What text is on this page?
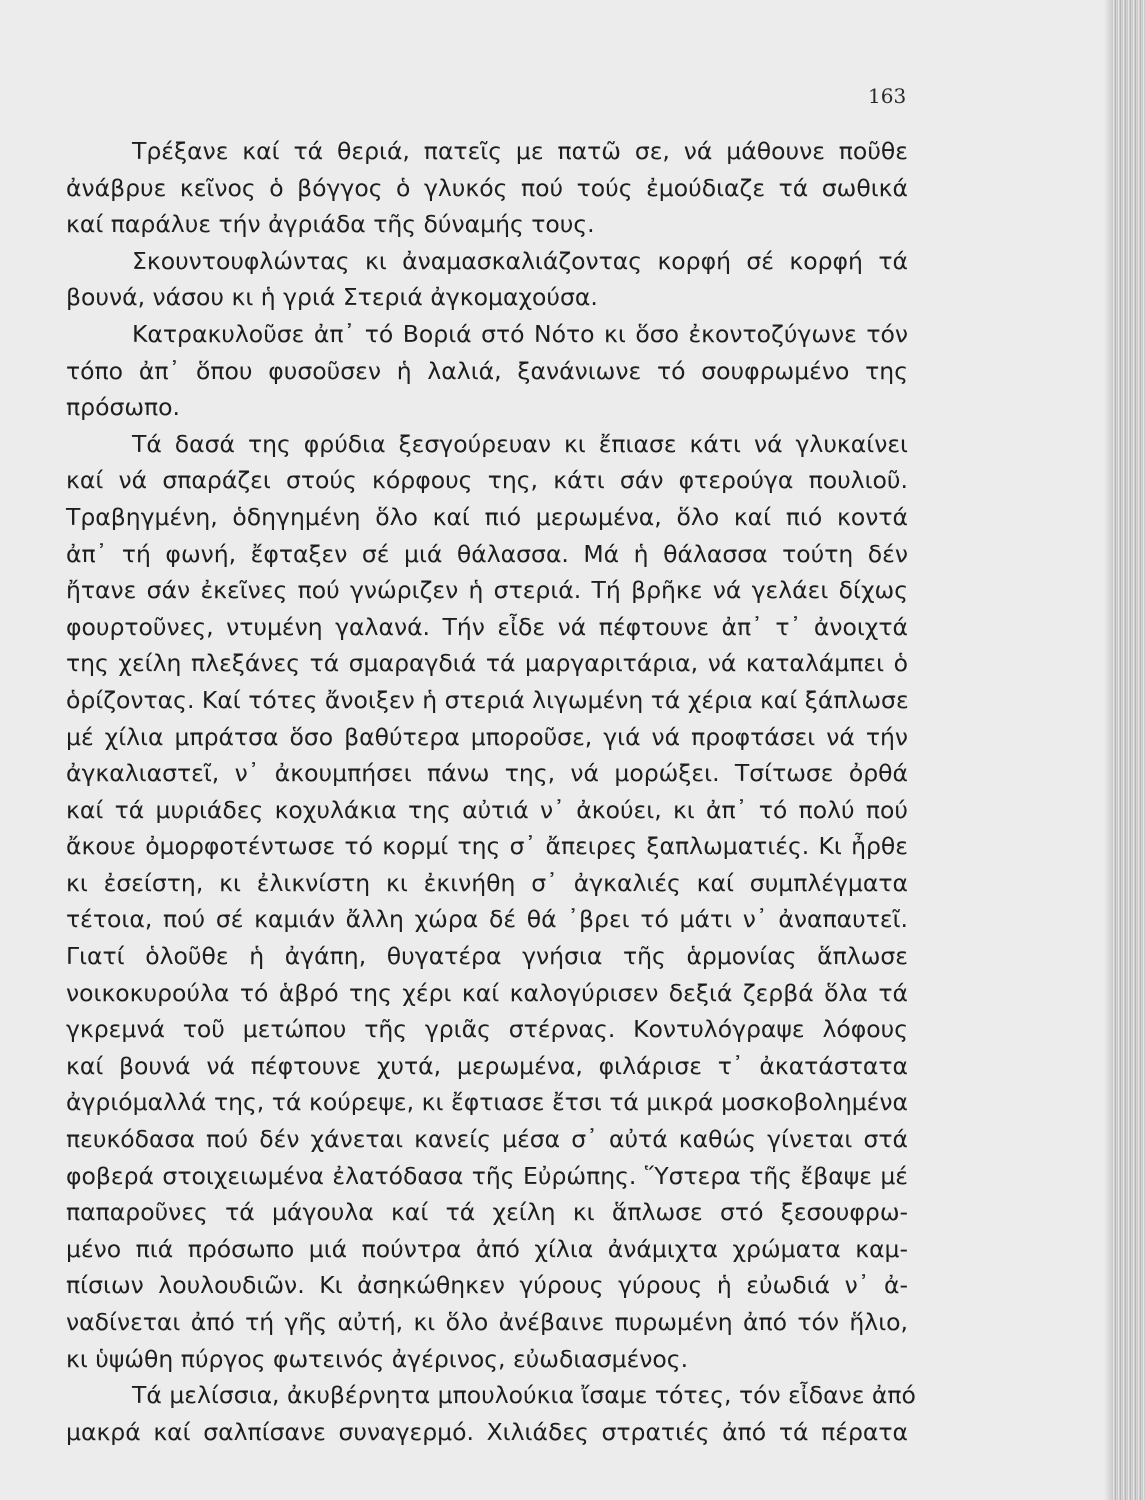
163

Τρέξανε καί τά θεριά, πατεῖς με πατῶ σε, νά μάθουνε ποῦθε

ἀνάβρυε κεῖνος ὁ βόγγος ὁ γλυκός πού τούς ἐμούδιαζε τά σωθικά

καί παράλυε τήν ἀγριάδα τῆς δύναμής τους.

Σκουντουφλώντας κι ἀναμασκαλιάζοντας κορφή σέ κορφή τά

βουνά, νάσου κι ἡ γριά Στεριά ἀγκομαχούσα.

Κατρακυλοῦσε ἀπ᾽ τό Βοριά στό Νότο κι ὅσο ἐκοντοζύγωνε τόν

τόπο ἀπ᾽ ὅπου φυσοῦσεν ἡ λαλιά, ξανάνιωνε τό σουφρωμένο της

πρόσωπο.

Τά δασά της φρύδια ξεσγούρευαν κι ἔπιασε κάτι νά γλυκαίνει

καί νά σπαράζει στούς κόρφους της, κάτι σάν φτερούγα πουλιοῦ.

Τραβηγμένη, ὁδηγημένη ὅλο καί πιό μερωμένα, ὅλο καί πιό κοντά

ἀπ᾽ τή φωνή, ἔφταξεν σέ μιά θάλασσα. Μά ἡ θάλασσα τούτη δέν

ἤτανε σάν ἐκεῖνες πού γνώριζεν ἡ στεριά. Τή βρῆκε νά γελάει δίχως

φουρτοῦνες, ντυμένη γαλανά. Τήν εἶδε νά πέφτουνε ἀπ᾽ τ᾽ ἀνοιχτά

της χείλη πλεξάνες τά σμαραγδιά τά μαργαριτάρια, νά καταλάμπει ὁ

ὁρίζοντας. Καί τότες ἄνοιξεν ἡ στεριά λιγωμένη τά χέρια καί ξάπλωσε

μέ χίλια μπράτσα ὅσο βαθύτερα μποροῦσε, γιά νά προφτάσει νά τήν

ἀγκαλιαστεῖ, ν᾽ ἀκουμπήσει πάνω της, νά μορώξει. Τσίτωσε ὀρθά

καί τά μυριάδες κοχυλάκια της αὐτιά ν᾽ ἀκούει, κι ἀπ᾽ τό πολύ πού

ἄκουε ὀμορφοτέντωσε τό κορμί της σ᾽ ἄπειρες ξαπλωματιές. Κι ἦρθε

κι ἐσείστη, κι ἐλικνίστη κι ἐκινήθη σ᾽ ἀγκαλιές καί συμπλέγματα

τέτοια, πού σέ καμιάν ἄλλη χώρα δέ θά ᾽βρει τό μάτι ν᾽ ἀναπαυτεῖ.

Γιατί ὁλοῦθε ἡ ἀγάπη, θυγατέρα γνήσια τῆς ἁρμονίας ἅπλωσε

νοικοκυρούλα τό ἁβρό της χέρι καί καλογύρισεν δεξιά ζερβά ὅλα τά

γκρεμνά τοῦ μετώπου τῆς γριᾶς στέρνας. Κοντυλόγραψε λόφους

καί βουνά νά πέφτουνε χυτά, μερωμένα, φιλάρισε τ᾽ ἀκατάστατα

ἀγριόμαλλά της, τά κούρεψε, κι ἔφτιασε ἔτσι τά μικρά μοσκοβολημένα

πευκόδασα πού δέν χάνεται κανείς μέσα σ᾽ αὐτά καθώς γίνεται στά

φοβερά στοιχειωμένα ἐλατόδασα τῆς Εὐρώπης. Ὕστερα τῆς ἔβαψε μέ

παπαροῦνες τά μάγουλα καί τά χείλη κι ἅπλωσε στό ξεσουφρω-

μένο πιά πρόσωπο μιά πούντρα ἀπό χίλια ἀνάμιχτα χρώματα καμ-

πίσιων λουλουδιῶν. Κι ἀσηκώθηκεν γύρους γύρους ἡ εὐωδιά ν᾽ ἀ-

ναδίνεται ἀπό τή γῆς αὐτή, κι ὅλο ἀνέβαινε πυρωμένη ἀπό τόν ἥλιο,

κι ὑψώθη πύργος φωτεινός ἀγέρινος, εὐωδιασμένος.

Τά μελίσσια, ἀκυβέρνητα μπουλούκια ἴσαμε τότες, τόν εἶδανε ἀπό

μακρά καί σαλπίσανε συναγερμό. Χιλιάδες στρατιές ἀπό τά πέρατα
